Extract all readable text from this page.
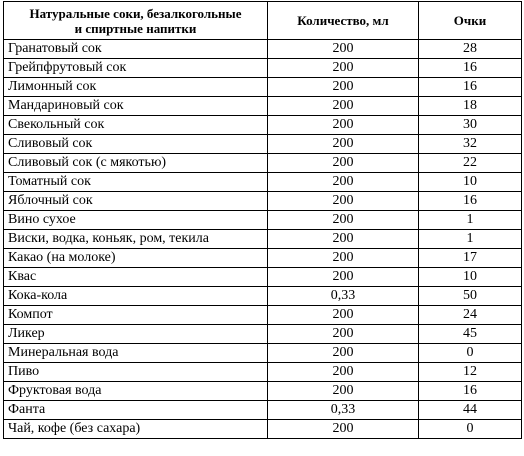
Натуральные соки, безалкогольные
и спиртные напитки	Количество, мл	Очки
Гранатовый сок	200	28
Грейпфрутовый сок	200	16
Лимонный сок	200	16
Мандариновый сок	200	18
Свекольный сок	200	30
Сливовый сок	200	32
Сливовый сок (с мякотью)	200	22
Томатный сок	200	10
Яблочный сок	200	16
Вино сухое	200	1
Виски, водка, коньяк, ром, текила	200	1
Какао (на молоке)	200	17
Квас	200	10
Кока-кола	0,33	50
Компот	200	24
Ликер	200	45
Минеральная вода	200	0
Пиво	200	12
Фруктовая вода	200	16
Фанта	0,33	44
Чай, кофе (без сахара)	200	0
